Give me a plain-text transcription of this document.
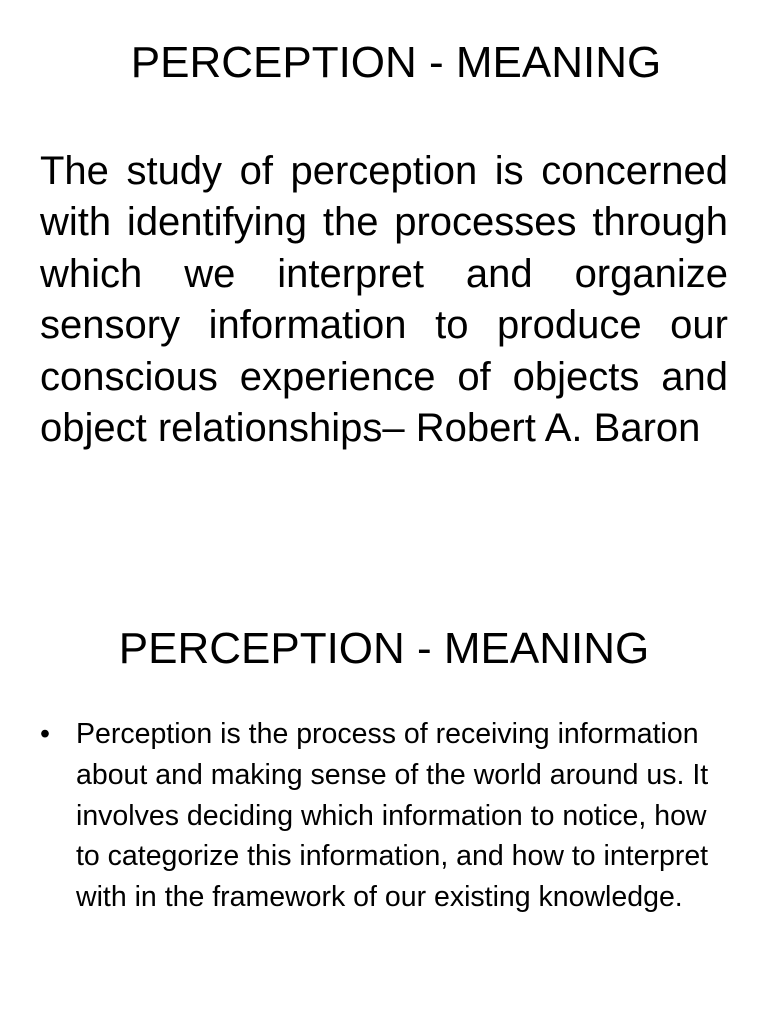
PERCEPTION - MEANING

The study of perception is concerned with identifying the processes through which we interpret and organize sensory information to produce our conscious experience of objects and object relationships– Robert A. Baron

PERCEPTION - MEANING
• Perception is the process of receiving information about and making sense of the world around us. It involves deciding which information to notice, how to categorize this information, and how to interpret with in the framework of our existing knowledge.
